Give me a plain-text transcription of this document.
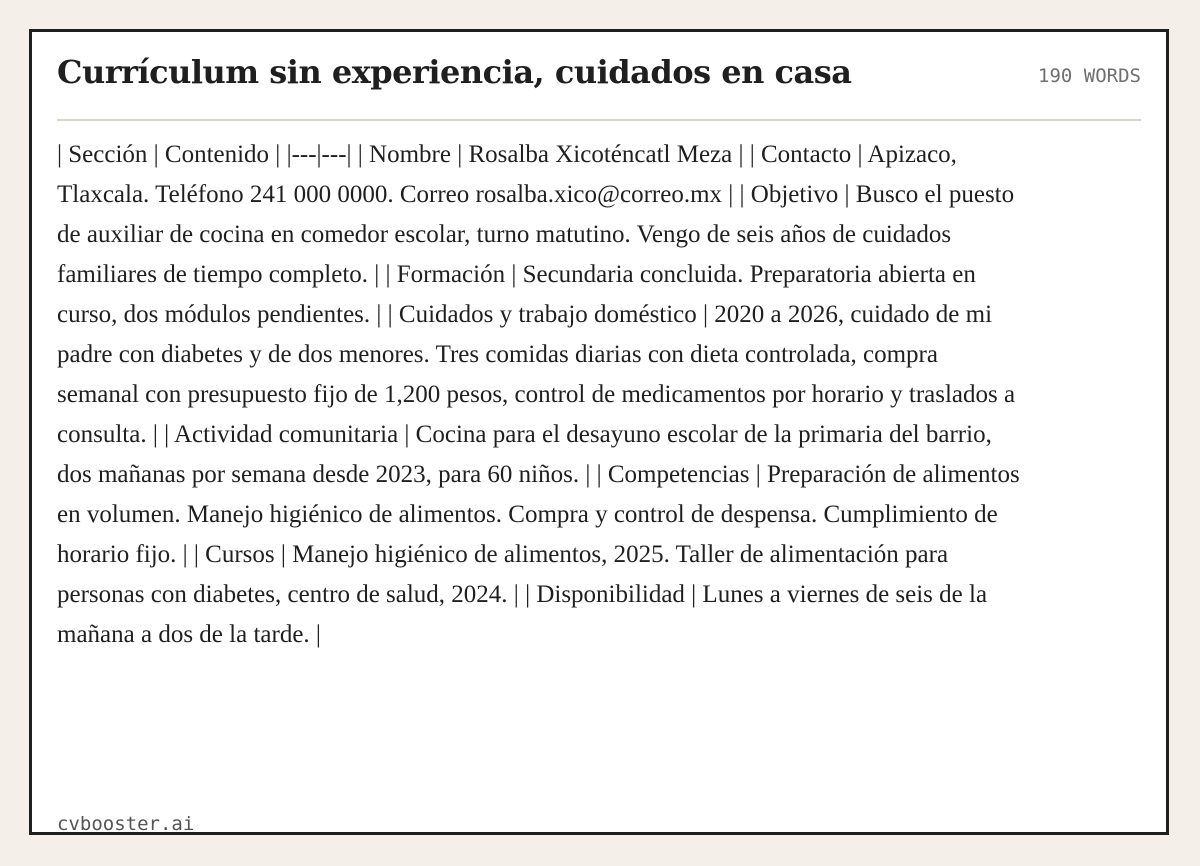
Currículum sin experiencia, cuidados en casa	190 WORDS

| Sección | Contenido | |---|---| | Nombre | Rosalba Xicoténcatl Meza | | Contacto | Apizaco, Tlaxcala. Teléfono 241 000 0000. Correo rosalba.xico@correo.mx | | Objetivo | Busco el puesto de auxiliar de cocina en comedor escolar, turno matutino. Vengo de seis años de cuidados familiares de tiempo completo. | | Formación | Secundaria concluida. Preparatoria abierta en curso, dos módulos pendientes. | | Cuidados y trabajo doméstico | 2020 a 2026, cuidado de mi padre con diabetes y de dos menores. Tres comidas diarias con dieta controlada, compra semanal con presupuesto fijo de 1,200 pesos, control de medicamentos por horario y traslados a consulta. | | Actividad comunitaria | Cocina para el desayuno escolar de la primaria del barrio, dos mañanas por semana desde 2023, para 60 niños. | | Competencias | Preparación de alimentos en volumen. Manejo higiénico de alimentos. Compra y control de despensa. Cumplimiento de horario fijo. | | Cursos | Manejo higiénico de alimentos, 2025. Taller de alimentación para personas con diabetes, centro de salud, 2024. | | Disponibilidad | Lunes a viernes de seis de la mañana a dos de la tarde. |

cvbooster.ai
